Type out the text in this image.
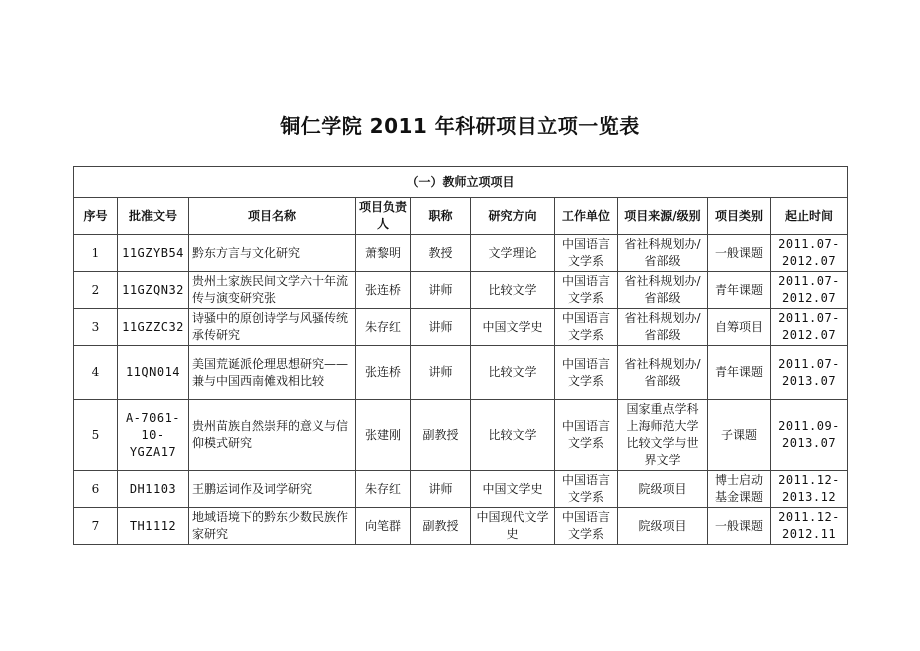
铜仁学院 2011 年科研项目立项一览表
（一）教师立项项目									
序号	批准文号	项目名称	项目负责人	职称	研究方向	工作单位	项目来源/级别	项目类别	起止时间
1	11GZYB54	黔东方言与文化研究	萧黎明	教授	文学理论	中国语言文学系	省社科规划办/省部级	一般课题	2011.07-2012.07
2	11GZQN32	贵州土家族民间文学六十年流传与演变研究张	张连桥	讲师	比较文学	中国语言文学系	省社科规划办/省部级	青年课题	2011.07-2012.07
3	11GZZC32	诗骚中的原创诗学与风骚传统承传研究	朱存红	讲师	中国文学史	中国语言文学系	省社科规划办/省部级	自筹项目	2011.07-2012.07
4	11QN014	美国荒诞派伦理思想研究——兼与中国西南傩戏相比较	张连桥	讲师	比较文学	中国语言文学系	省社科规划办/省部级	青年课题	2011.07-2013.07
5	A-7061-10-YGZA17	贵州苗族自然崇拜的意义与信仰模式研究	张建刚	副教授	比较文学	中国语言文学系	国家重点学科上海师范大学比较文学与世界文学	子课题	2011.09-2013.07
6	DH1103	王鹏运词作及词学研究	朱存红	讲师	中国文学史	中国语言文学系	院级项目	博士启动基金课题	2011.12-2013.12
7	TH1112	地域语境下的黔东少数民族作家研究	向笔群	副教授	中国现代文学史	中国语言文学系	院级项目	一般课题	2011.12-2012.11
